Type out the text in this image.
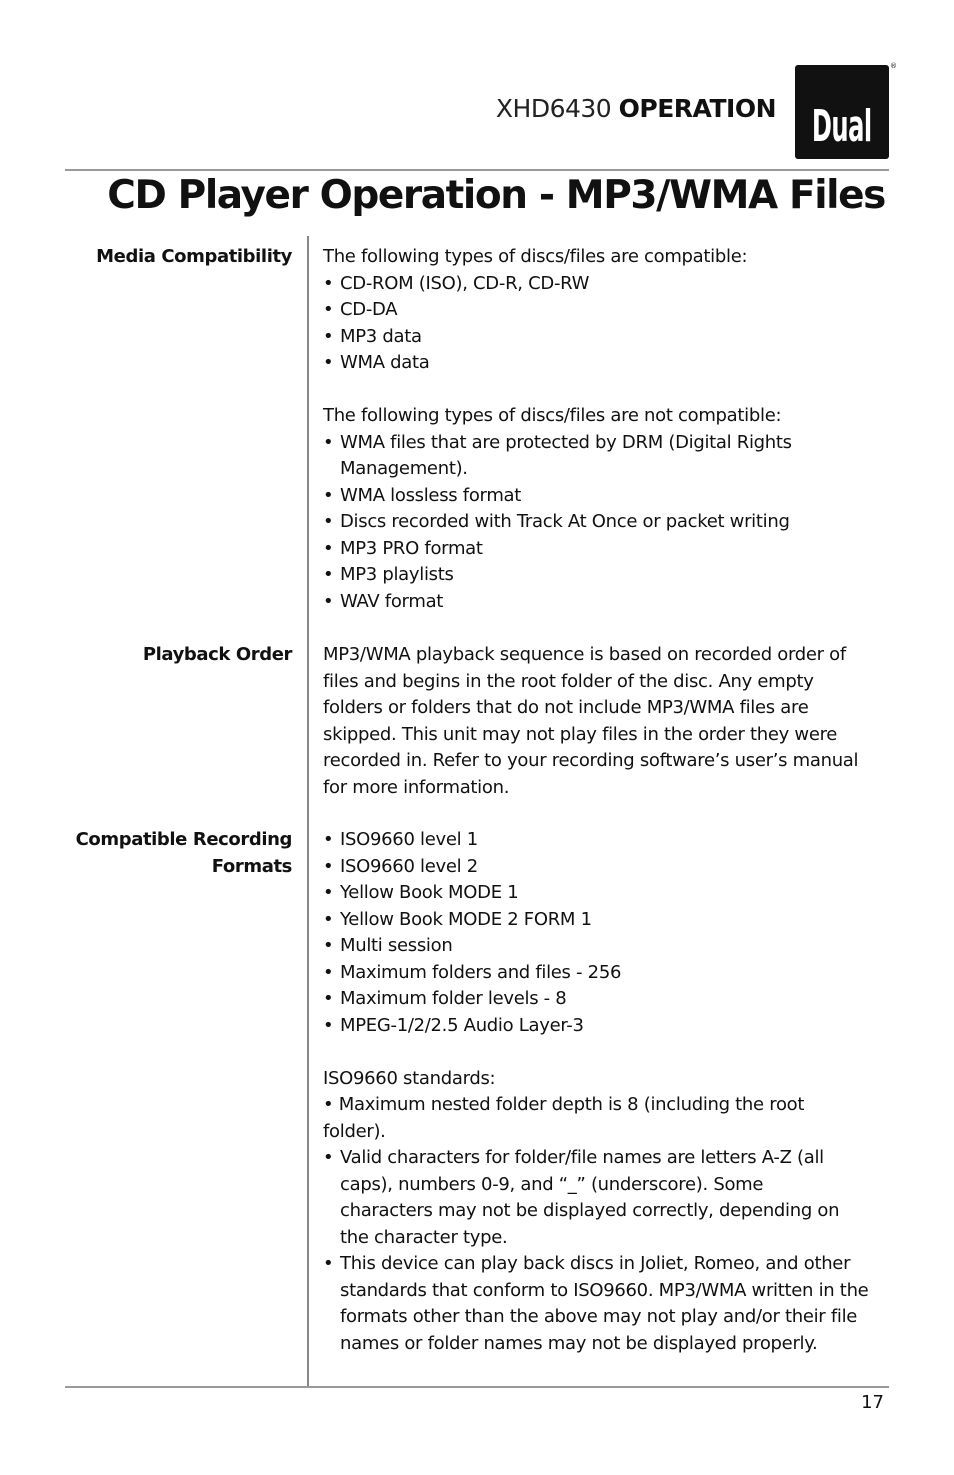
XHD6430 OPERATION Dual
®
CD Player Operation - MP3/WMA Files
Media Compatibility The following types of discs/files are compatible:

• CD-ROM (ISO), CD-R, CD-RW
• CD-DA
• MP3 data
• WMA data

The following types of discs/files are not compatible:

• WMA files that are protected by DRM (Digital Rights Management).
• WMA lossless format
• Discs recorded with Track At Once or packet writing
• MP3 PRO format
• MP3 playlists
• WAV format
Playback Order MP3/WMA playback sequence is based on recorded order of files and begins in the root folder of the disc. Any empty folders or folders that do not include MP3/WMA files are skipped. This unit may not play files in the order they were recorded in. Refer to your recording software’s user’s manual for more information.

Compatible Recording
Formats
• ISO9660 level 1
• ISO9660 level 2
• Yellow Book MODE 1
• Yellow Book MODE 2 FORM 1
• Multi session
• Maximum folders and files - 256
• Maximum folder levels - 8
• MPEG-1/2/2.5 Audio Layer-3

ISO9660 standards:

• Maximum nested folder depth is 8 (including the root folder).
• Valid characters for folder/file names are letters A-Z (all caps), numbers 0-9, and “_” (underscore). Some characters may not be displayed correctly, depending on the character type.
• This device can play back discs in Joliet, Romeo, and other standards that conform to ISO9660. MP3/WMA written in the formats other than the above may not play and/or their file names or folder names may not be displayed properly.
17
